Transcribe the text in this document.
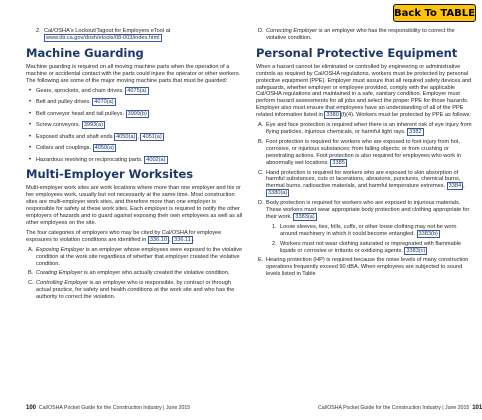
Back To TABLE
2. Cal/OSHA's Lockout/Tagout for Employers eTool at
www.dir.ca.gov/dosh/etools/08-003/index.html
Machine Guarding

Machine guarding is required on all moving machine parts when the operation of a machine or accidental contact with the parts could injure the operator or other workers. The following are some of the major moving machine parts that must be guarded:

• Gears, sprockets, and chain drives. 4075(a)
• Belt and pulley drives. 4070(a)
• Belt conveyor head and tail pulleys. 3999(b)
• Screw conveyors. 3993(a)
• Exposed shafts and shaft ends 4050(a) , 4051(a)
• Collars and couplings. 4050(a)
• Hazardous revolving or reciprocating parts. 4002(a)
Multi-Employer Worksites

Multi-employer work sites are work locations where more than one employer and his or her employees work, usually but not necessarily at the same time. Most construction sites are multi-employer work sites, and therefore more than one employer is responsible for safety at these work sites. Each employer is required to notify the other employers of hazards and to guard against exposing their own employees as well as all other employees on the site.

The four categories of employers who may be cited by Cal/OSHA for employee exposures to violation conditions are identified in 336.10 , 336.11 .

A. Exposing Employer is an employer whose employees were exposed to the violative condition at the work site regardless of whether that employer created the violative condition.
B. Creating Employer is an employer who actually created the violative condition.
C. Controlling Employer is an employer who is responsible, by contract or through actual practice, for safety and health conditions at the work site and who has the authority to correct the violation.
D. Correcting Employer is an employer who has the responsibility to correct the violative condition.
Personal Protective Equipment

When a hazard cannot be eliminated or controlled by engineering or administrative controls as required by Cal/OSHA regulations, workers must be protected by personal protective equipment (PPE). Employer must assure that all required safety devices and safeguards, whether employer or employee provided, comply with the applicable Cal/OSHA regulations and maintained in a safe, sanitary condition. Employer must perform hazard assessments for all jobs and select the proper PPE for those hazards. Employer also must ensure that employees have an understanding of all of the PPE related information listed in 3380 (f)(4). Workers must be protected by PPE as follows:

A. Eye and face protection is required when there is an inherent risk of eye injury from flying particles, injurious chemicals, or harmful light rays. 3382
B. Foot protection is required for workers who are exposed to foot injury from hot, corrosive, or injurious substances; from falling objects; or from crushing or penetrating actions. Foot protection is also required for employees who work in abnormally wet locations. 3385
C. Hand protection is required for workers who are exposed to skin absorption of harmful substances, cuts or lacerations, abrasions, punctures, chemical burns, thermal burns, radioactive materials, and harmful temperature extremes. 3384 , 3380(a)
D. Body protection is required for workers who are exposed to injurious materials. These workers must wear appropriate body protection and clothing appropriate for their work. 3383(a)
1. Loose sleeves, ties, frills, cuffs, or other loose clothing may not be worn around machinery in which it could become entangled. 3383(b)
2. Workers must not wear clothing saturated or impregnated with flammable liquids or corrosive or irritants or oxidizing agents. 3383(c)
E. Hearing protection (HP) is required because the noise levels of many construction operations frequently exceed 90 dBA. When employees are subjected to sound levels listed in Table
100 Cal/OSHA Pocket Guide for the Construction Industry | June 2015	Cal/OSHA Pocket Guide for the Construction Industry | June 2015 101
